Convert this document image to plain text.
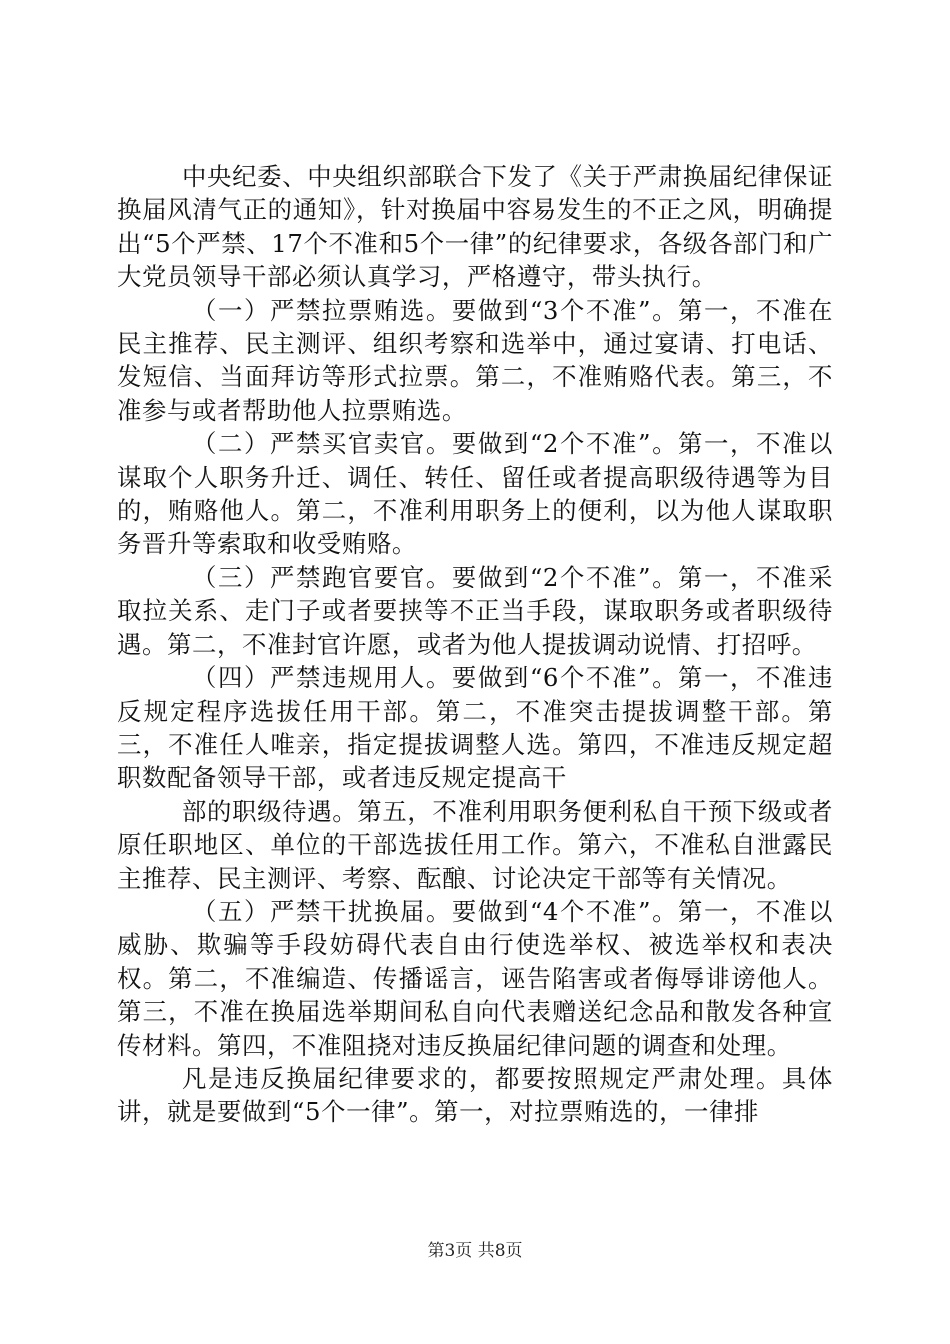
中央纪委、中央组织部联合下发了《关于严肃换届纪律保证换届风清气正的通知》，针对换届中容易发生的不正之风，明确提出“5个严禁、17个不准和5个一律”的纪律要求，各级各部门和广大党员领导干部必须认真学习，严格遵守，带头执行。

（一）严禁拉票贿选。要做到“3个不准”。第一，不准在民主推荐、民主测评、组织考察和选举中，通过宴请、打电话、发短信、当面拜访等形式拉票。第二，不准贿赂代表。第三，不准参与或者帮助他人拉票贿选。

（二）严禁买官卖官。要做到“2个不准”。第一，不准以谋取个人职务升迁、调任、转任、留任或者提高职级待遇等为目的，贿赂他人。第二，不准利用职务上的便利，以为他人谋取职务晋升等索取和收受贿赂。

（三）严禁跑官要官。要做到“2个不准”。第一，不准采取拉关系、走门子或者要挟等不正当手段，谋取职务或者职级待遇。第二，不准封官许愿，或者为他人提拔调动说情、打招呼。

（四）严禁违规用人。要做到“6个不准”。第一，不准违反规定程序选拔任用干部。第二，不准突击提拔调整干部。第三，不准任人唯亲，指定提拔调整人选。第四，不准违反规定超职数配备领导干部，或者违反规定提高干

部的职级待遇。第五，不准利用职务便利私自干预下级或者原任职地区、单位的干部选拔任用工作。第六，不准私自泄露民主推荐、民主测评、考察、酝酿、讨论决定干部等有关情况。

（五）严禁干扰换届。要做到“4个不准”。第一，不准以威胁、欺骗等手段妨碍代表自由行使选举权、被选举权和表决权。第二，不准编造、传播谣言，诬告陷害或者侮辱诽谤他人。第三，不准在换届选举期间私自向代表赠送纪念品和散发各种宣传材料。第四，不准阻挠对违反换届纪律问题的调查和处理。

凡是违反换届纪律要求的，都要按照规定严肃处理。具体讲，就是要做到“5个一律”。第一，对拉票贿选的，一律排

第3页 共8页
